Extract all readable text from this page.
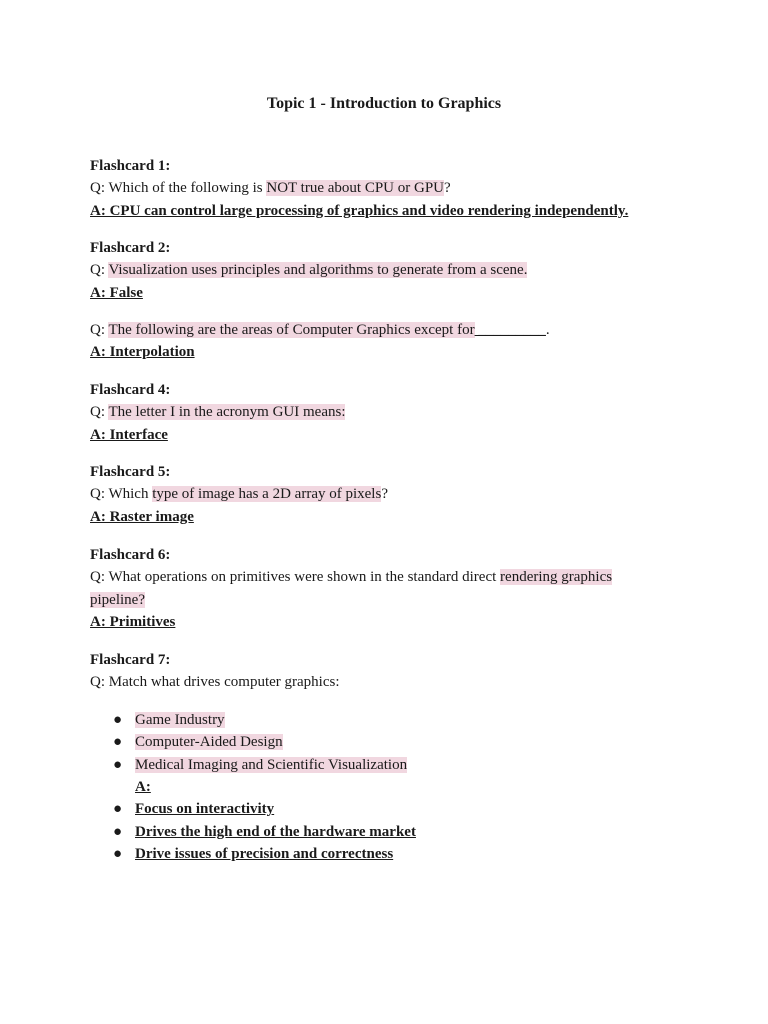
Topic 1 - Introduction to Graphics
Flashcard 1:
Q: Which of the following is NOT true about CPU or GPU?
A: CPU can control large processing of graphics and video rendering independently.
Flashcard 2:
Q: Visualization uses principles and algorithms to generate from a scene.
A: False
Q: The following are the areas of Computer Graphics except for _________.
A: Interpolation
Flashcard 4:
Q: The letter I in the acronym GUI means:
A: Interface
Flashcard 5:
Q: Which type of image has a 2D array of pixels?
A: Raster image
Flashcard 6:
Q: What operations on primitives were shown in the standard direct rendering graphics
pipeline?
A: Primitives
Flashcard 7:
Q: Match what drives computer graphics:
● Game Industry
● Computer-Aided Design
● Medical Imaging and Scientific Visualization
A:
● Focus on interactivity
● Drives the high end of the hardware market
● Drive issues of precision and correctness
